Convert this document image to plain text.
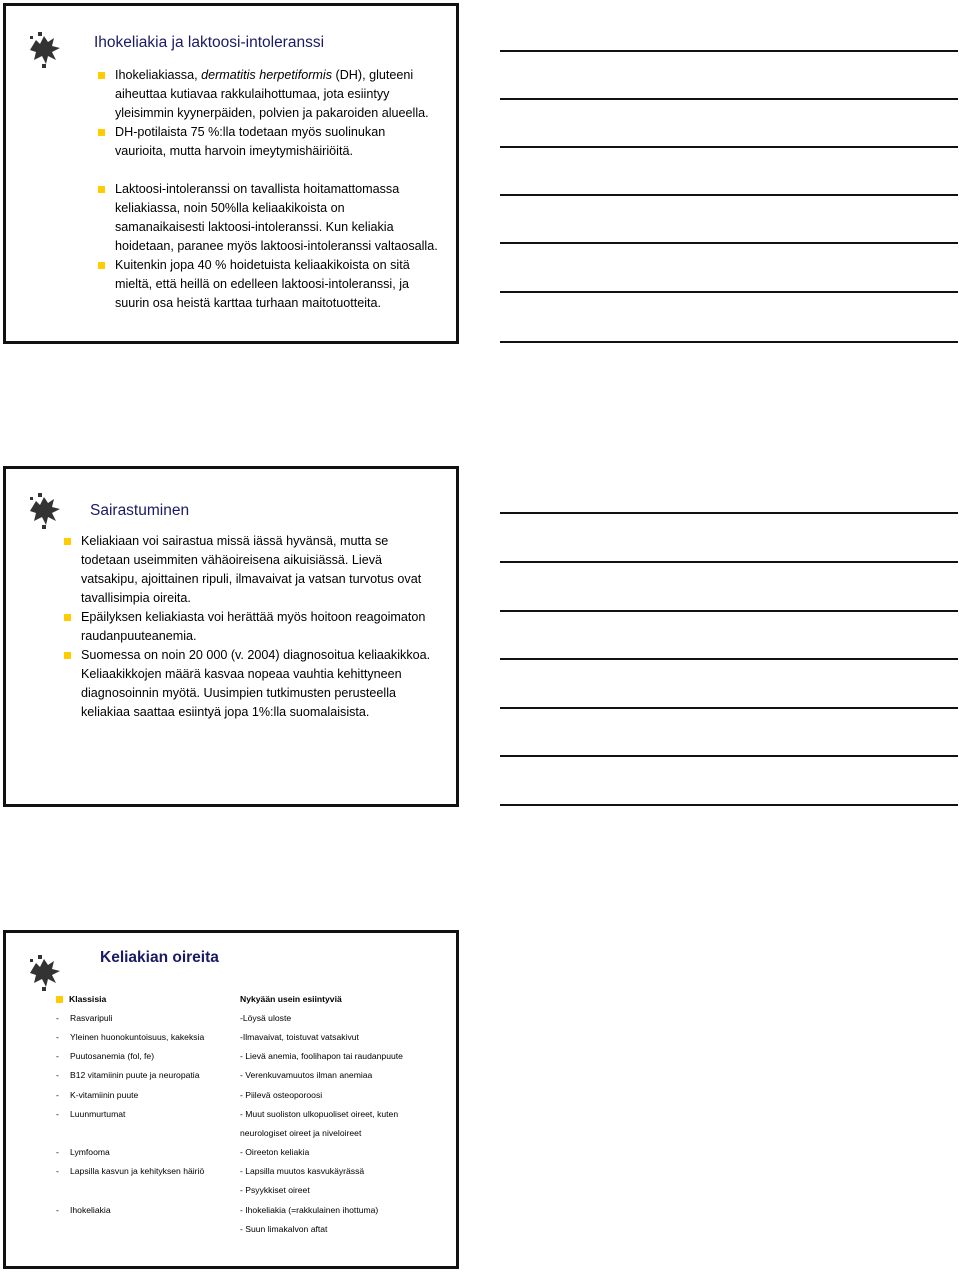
Ihokeliakia ja laktoosi-intoleranssi
Ihokeliakiassa, dermatitis herpetiformis (DH), gluteeni
aiheuttaa kutiavaa rakkulaihottumaa, jota esiintyy
yleisimmin kyynerpäiden, polvien ja pakaroiden alueella.
DH-potilaista 75 %:lla todetaan myös suolinukan
vaurioita, mutta harvoin imeytymishäiriöitä.
Laktoosi-intoleranssi on tavallista hoitamattomassa
keliakiassa, noin 50%lla keliaakikoista on
samanaikaisesti laktoosi-intoleranssi. Kun keliakia
hoidetaan, paranee myös laktoosi-intoleranssi valtaosalla.
Kuitenkin jopa 40 % hoidetuista keliaakikoista on sitä
mieltä, että heillä on edelleen laktoosi-intoleranssi, ja
suurin osa heistä karttaa turhaan maitotuotteita.
Sairastuminen
Keliakiaan voi sairastua missä iässä hyvänsä, mutta se
todetaan useimmiten vähäoireisena aikuisiässä. Lievä
vatsakipu, ajoittainen ripuli, ilmavaivat ja vatsan turvotus ovat
tavallisimpia oireita.
Epäilyksen keliakiasta voi herättää myös hoitoon reagoimaton
raudanpuuteanemia.
Suomessa on noin 20 000 (v. 2004) diagnosoitua keliaakikkoa.
Keliaakikkojen määrä kasvaa nopeaa vauhtia kehittyneen
diagnosoinnin myötä. Uusimpien tutkimusten perusteella
keliakiaa saattaa esiintyä jopa 1%:lla suomalaisista.
Keliakian oireita
Klassisia		Nykyään usein esiintyviä
-	Rasvaripuli	-Löysä uloste
-	Yleinen huonokuntoisuus, kakeksia	-Ilmavaivat, toistuvat vatsakivut
-	Puutosanemia (fol, fe)	- Lievä anemia, foolihapon tai raudanpuute
-	B12 vitamiinin puute ja neuropatia	- Verenkuvamuutos ilman anemiaa
-	K-vitamiinin puute	- Piilevä osteoporoosi
-	Luunmurtumat	- Muut suoliston ulkopuoliset oireet, kuten
		neurologiset oireet ja niveloireet
-	Lymfooma	- Oireeton keliakia
-	Lapsilla kasvun ja kehityksen häiriö	- Lapsilla muutos kasvukäyrässä
		- Psyykkiset oireet
-	Ihokeliakia	- Ihokeliakia (=rakkulainen ihottuma)
		- Suun limakalvon aftat
